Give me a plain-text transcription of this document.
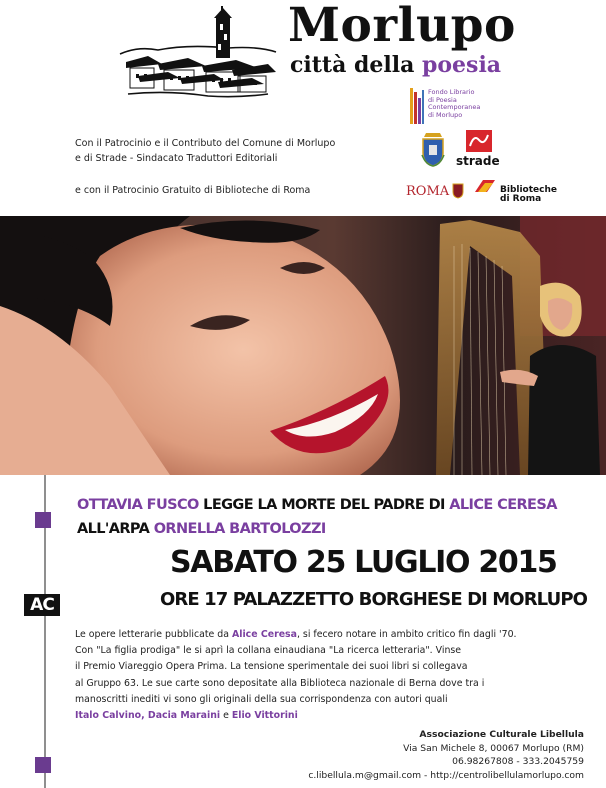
Morlupo
città della poesia
Fondo Librario
di Poesia
Contemporanea
di Morlupo
Con il Patrocinio e il Contributo del Comune di Morlupo
e di Strade - Sindacato Traduttori Editoriali
e con il Patrocinio Gratuito di Biblioteche di Roma
strade
ROMA	Biblioteche
di Roma
AC
OTTAVIA FUSCO LEGGE LA MORTE DEL PADRE DI ALICE CERESA
ALL'ARPA ORNELLA BARTOLOZZI
SABATO 25 LUGLIO 2015
ORE 17 PALAZZETTO BORGHESE DI MORLUPO

Le opere letterarie pubblicate da Alice Ceresa, si fecero notare in ambito critico fin dagli '70.

Con "La figlia prodiga" le si aprì la collana einaudiana "La ricerca letteraria". Vinse

il Premio Viareggio Opera Prima. La tensione sperimentale dei suoi libri si collegava

al Gruppo 63. Le sue carte sono depositate alla Biblioteca nazionale di Berna dove tra i

manoscritti inediti vi sono gli originali della sua corrispondenza con autori quali

Italo Calvino, Dacia Maraini e Elio Vittorini

Associazione Culturale Libellula
Via San Michele 8, 00067 Morlupo (RM)
06.98267808 - 333.2045759
c.libellula.m@gmail.com - http://centrolibellulamorlupo.com
